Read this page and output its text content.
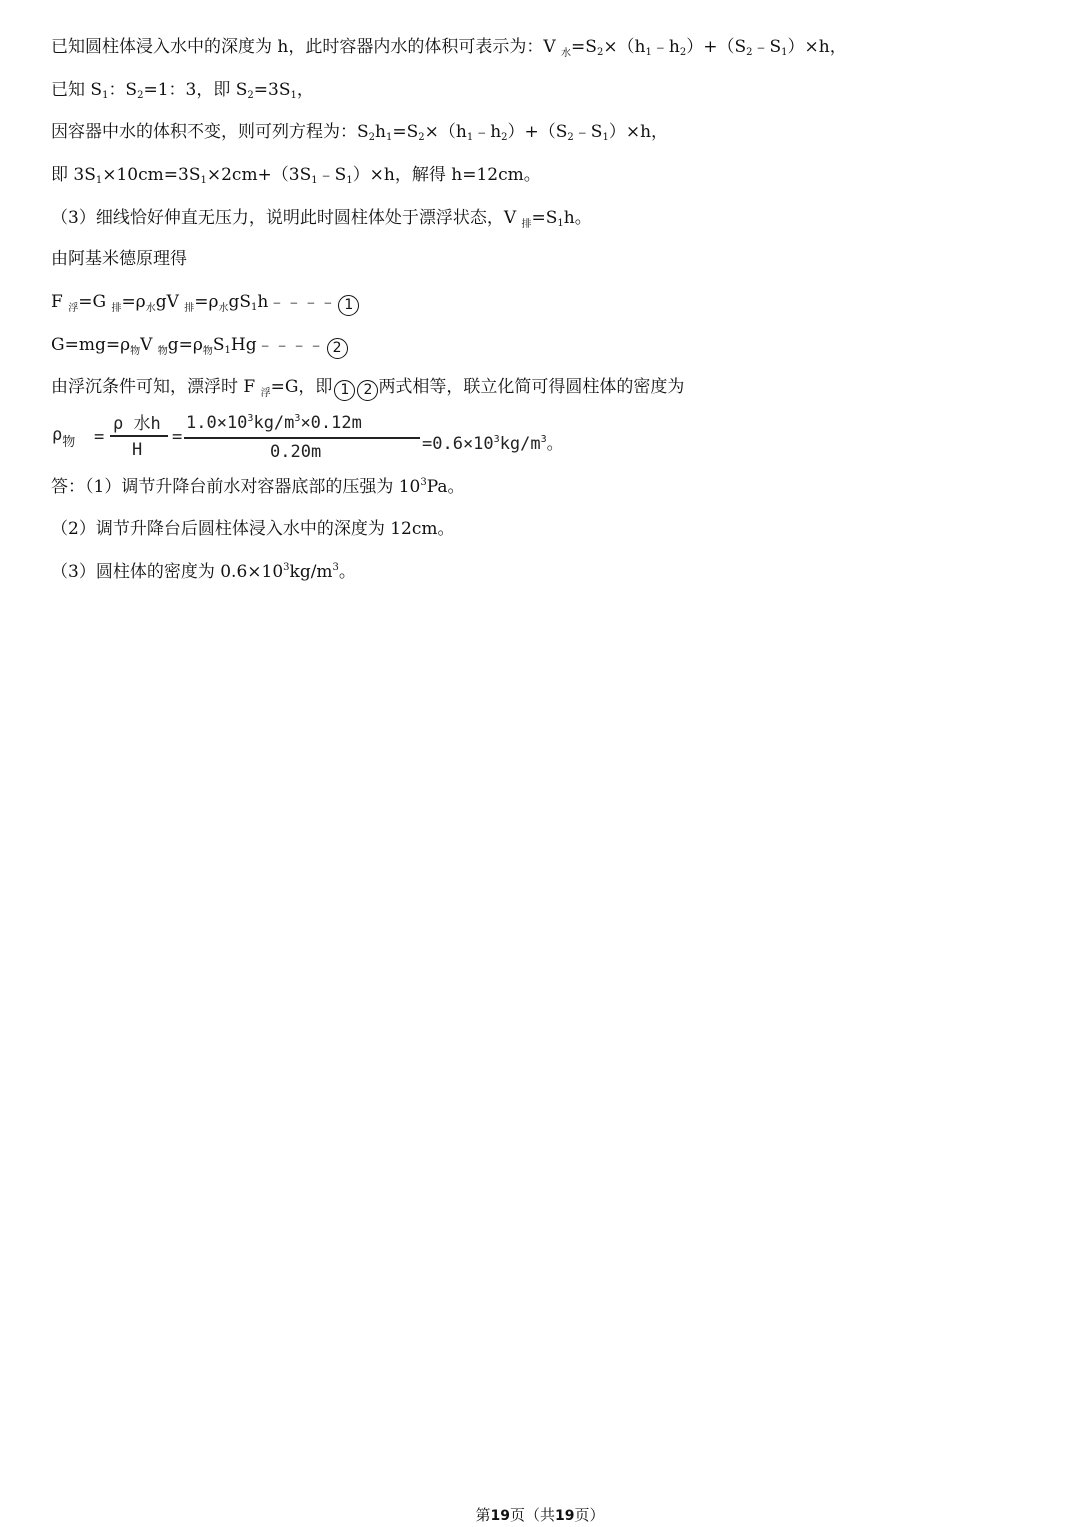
已知圆柱体浸入水中的深度为 h，此时容器内水的体积可表示为：V $_水=S_2\times(h_1﹣h_2)+(S_2﹣S_1)\times h$，
已知 $S_1$：$S_2=1$：3，即 $S_2=3S_1$，
因容器中水的体积不变，则可列方程为：$S_2h_1=S_2\times(h_1﹣h_2)+(S_2﹣S_1)\times h$，
即 $3S_1\times 10cm=3S_1\times 2cm+(3S_1﹣S_1)\times h$，解得 h=12cm。
（3）细线恰好伸直无压力，说明此时圆柱体处于漂浮状态，V $_排=S_1h$。
由阿基米德原理得
F $_浮$=G $_排=\rho_水gV$ $_排=\rho_水gS_1h﹣﹣﹣﹣$ 1
$G=mg=\rho_物V$ $_物g=\rho_物S_1Hg﹣﹣﹣﹣$ 2
由浮沉条件可知，漂浮时 F $_浮$=G，即 1 2 两式相等，联立化简可得圆柱体的密度为
$\rho_物$ =
ρ 水h
H
=
$1.0\times 10^3kg/m^3\times 0.12m$
0.20m	$=0.6\times 10^3kg/m^3$。
答：（1）调节升降台前水对容器底部的压强为 $10^3Pa$。
（2）调节升降台后圆柱体浸入水中的深度为 12cm。
（3）圆柱体的密度为 $0.6\times 10^3kg/m^3$。
第19页（共19页）
